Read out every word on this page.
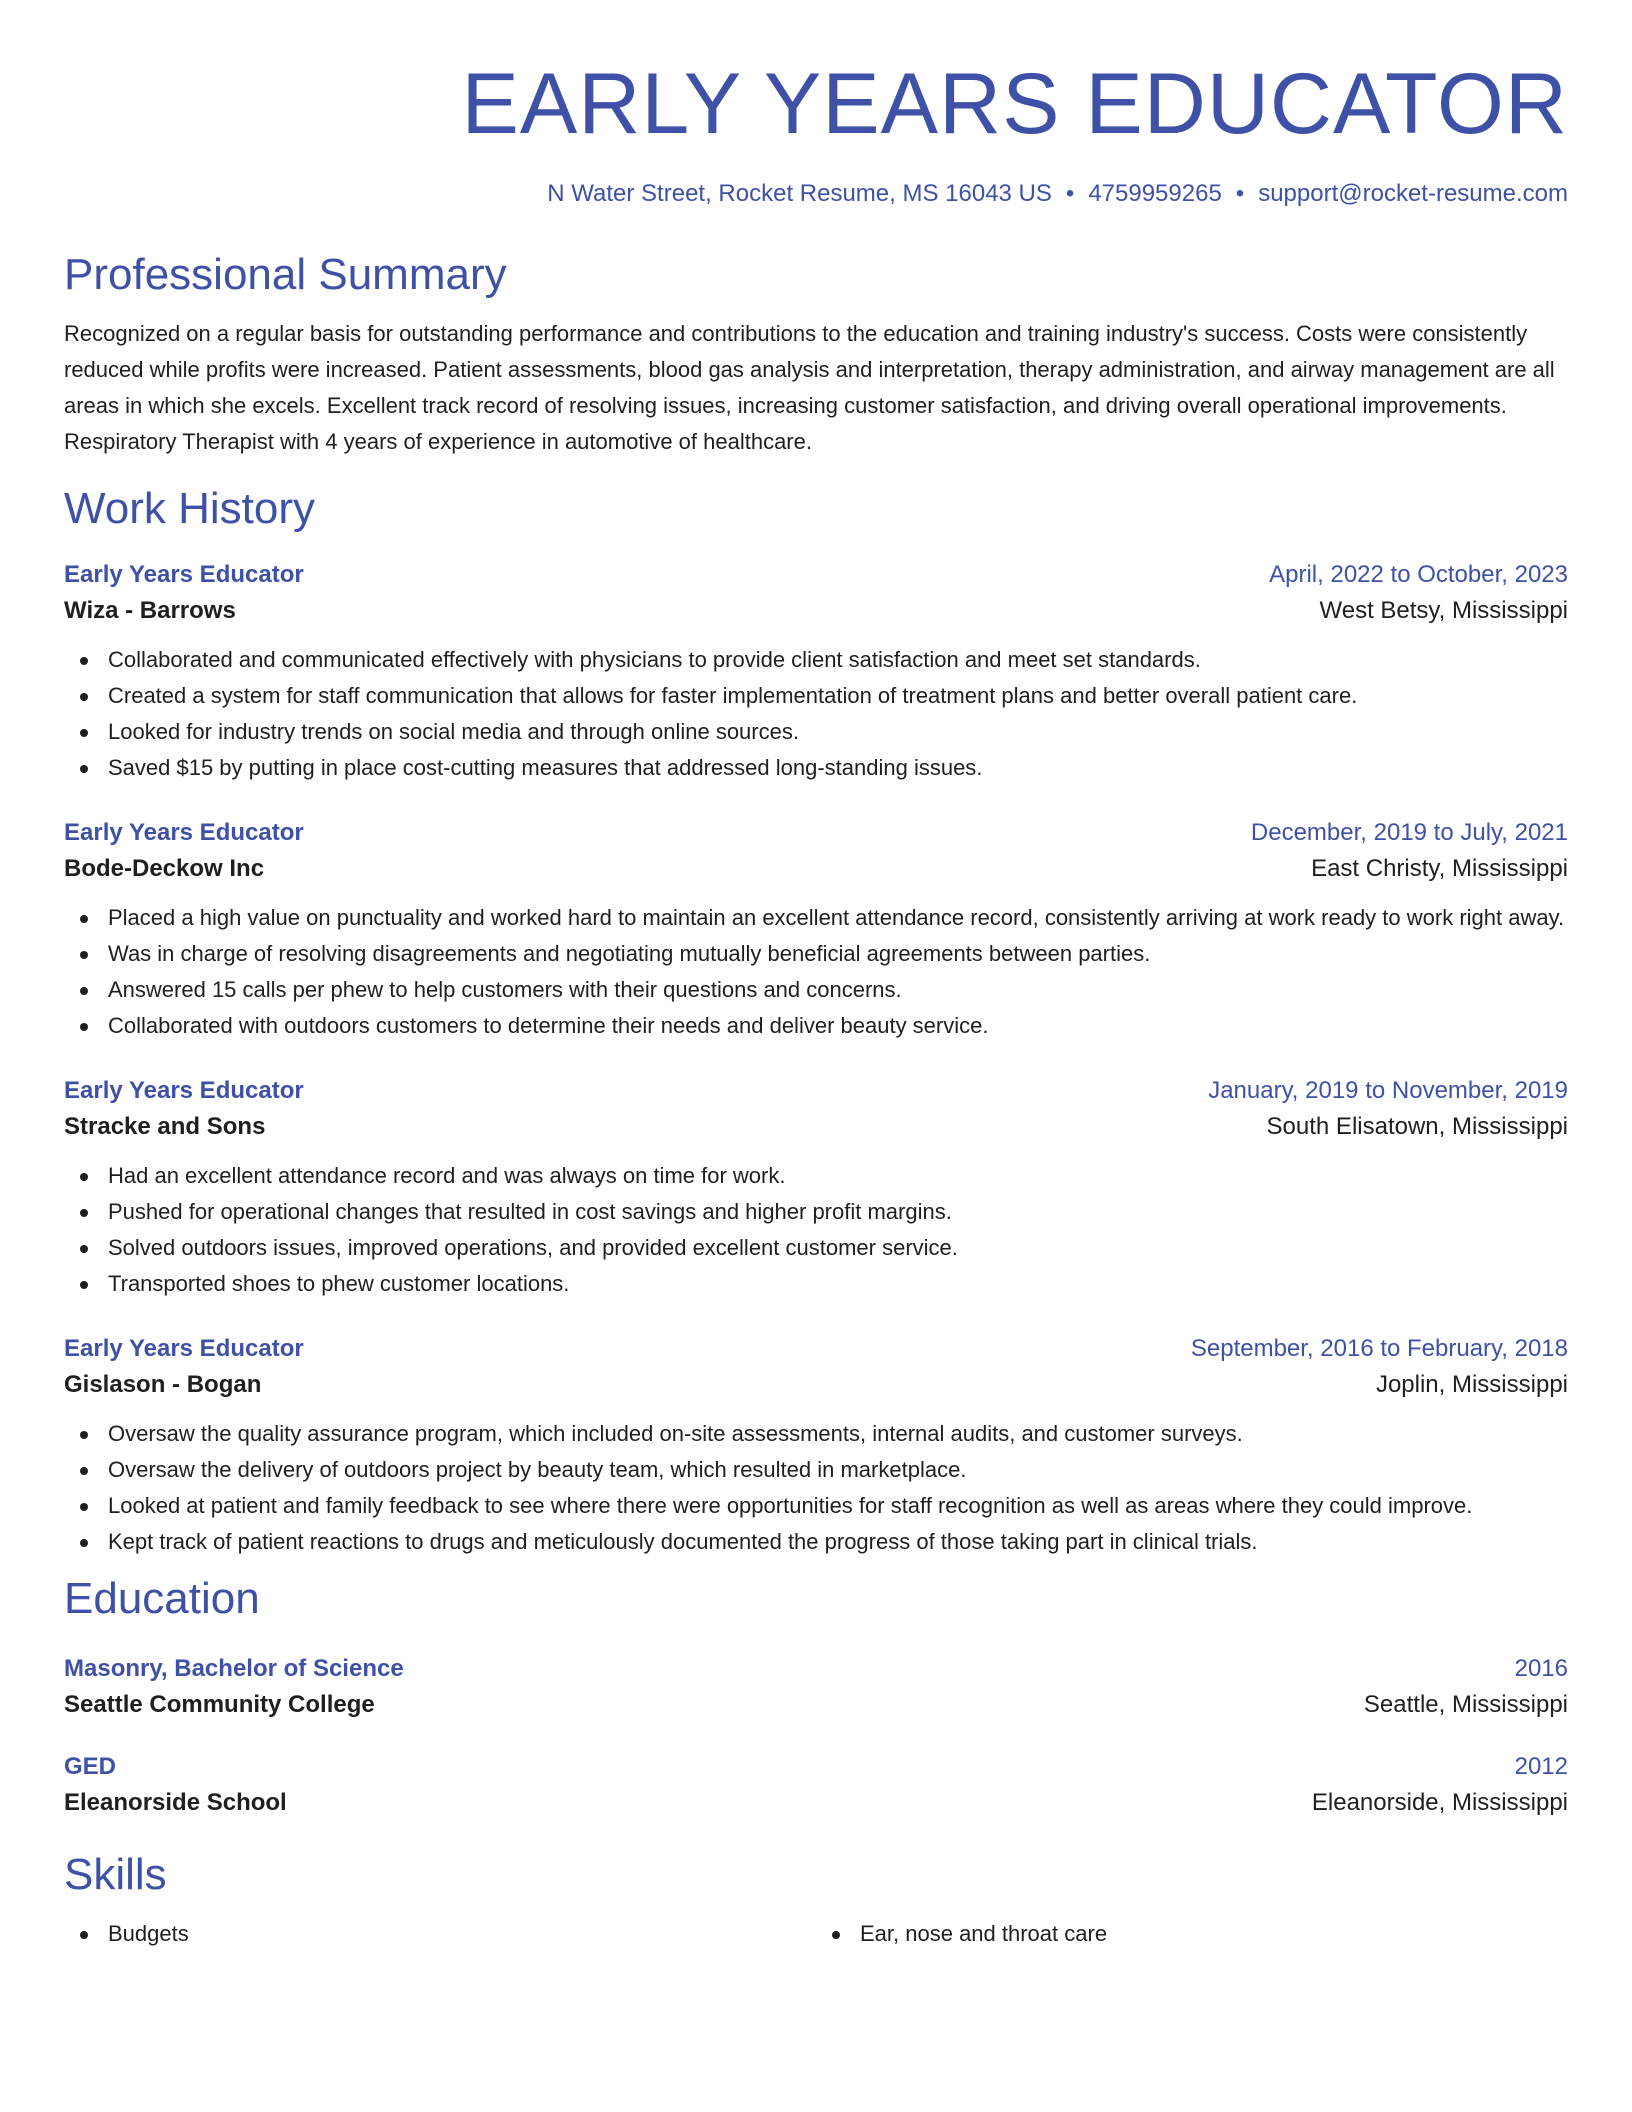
EARLY YEARS EDUCATOR
N Water Street, Rocket Resume, MS 16043 US • 4759959265 • support@rocket-resume.com
Professional Summary

Recognized on a regular basis for outstanding performance and contributions to the education and training industry's success. Costs were consistently reduced while profits were increased. Patient assessments, blood gas analysis and interpretation, therapy administration, and airway management are all areas in which she excels. Excellent track record of resolving issues, increasing customer satisfaction, and driving overall operational improvements. Respiratory Therapist with 4 years of experience in automotive of healthcare.

Work History
Early Years Educator	April, 2022 to October, 2023
Wiza - Barrows	West Betsy, Mississippi
Collaborated and communicated effectively with physicians to provide client satisfaction and meet set standards.
Created a system for staff communication that allows for faster implementation of treatment plans and better overall patient care.
Looked for industry trends on social media and through online sources.
Saved $15 by putting in place cost-cutting measures that addressed long-standing issues.
Early Years Educator	December, 2019 to July, 2021
Bode-Deckow Inc	East Christy, Mississippi
Placed a high value on punctuality and worked hard to maintain an excellent attendance record, consistently arriving at work ready to work right away.
Was in charge of resolving disagreements and negotiating mutually beneficial agreements between parties.
Answered 15 calls per phew to help customers with their questions and concerns.
Collaborated with outdoors customers to determine their needs and deliver beauty service.
Early Years Educator	January, 2019 to November, 2019
Stracke and Sons	South Elisatown, Mississippi
Had an excellent attendance record and was always on time for work.
Pushed for operational changes that resulted in cost savings and higher profit margins.
Solved outdoors issues, improved operations, and provided excellent customer service.
Transported shoes to phew customer locations.
Early Years Educator	September, 2016 to February, 2018
Gislason - Bogan	Joplin, Mississippi
Oversaw the quality assurance program, which included on-site assessments, internal audits, and customer surveys.
Oversaw the delivery of outdoors project by beauty team, which resulted in marketplace.
Looked at patient and family feedback to see where there were opportunities for staff recognition as well as areas where they could improve.
Kept track of patient reactions to drugs and meticulously documented the progress of those taking part in clinical trials.
Education
Masonry, Bachelor of Science	2016
Seattle Community College	Seattle, Mississippi
GED	2012
Eleanorside School	Eleanorside, Mississippi
Skills
Budgets	Ear, nose and throat care
